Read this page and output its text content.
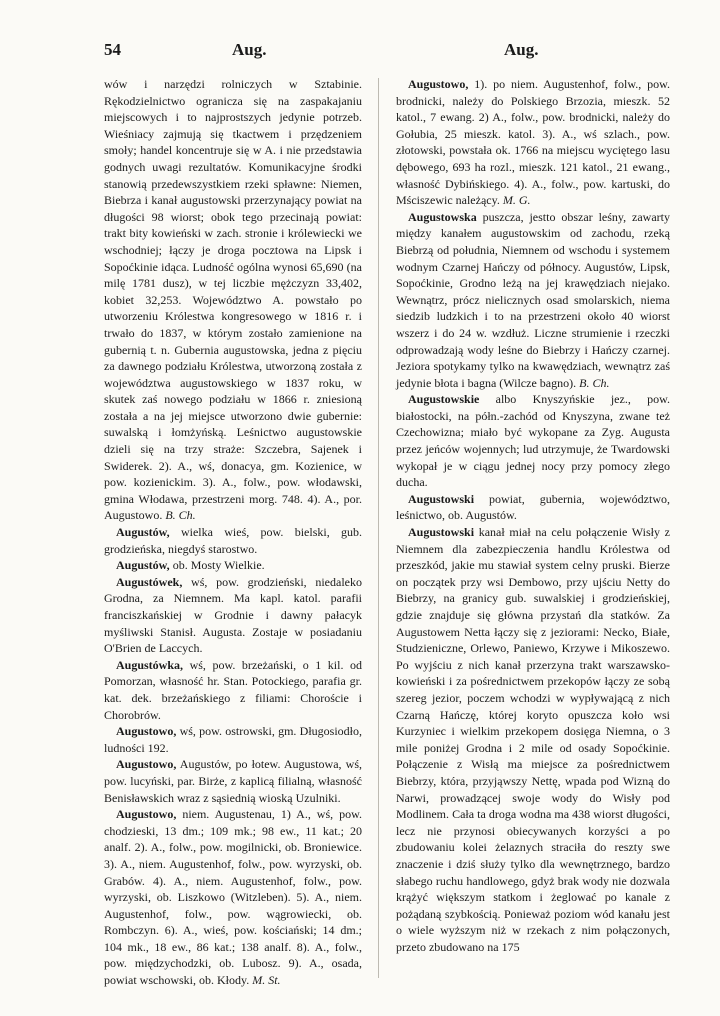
54	Aug.	Aug.

wów i narzędzi rolniczych w Sztabinie. Rękodzielnictwo ogranicza się na zaspakajaniu miejscowych i to najprostszych jedynie potrzeb. Wieśniacy zajmują się tkactwem i przędzeniem smoły; handel koncentruje się w A. i nie przedstawia godnych uwagi rezultatów. Komunikacyjne środki stanowią przedewszystkiem rzeki spławne: Niemen, Biebrza i kanał augustowski przerzynający powiat na długości 98 wiorst; obok tego przecinają powiat: trakt bity kowieński w zach. stronie i królewiecki we wschodniej; łączy je droga pocztowa na Lipsk i Sopoćkinie idąca. Ludność ogólna wynosi 65,690 (na milę 1781 dusz), w tej liczbie mężczyzn 33,402, kobiet 32,253. Województwo A. powstało po utworzeniu Królestwa kongresowego w 1816 r. i trwało do 1837, w którym zostało zamienione na gubernią t. n. Gubernia augustowska, jedna z pięciu za dawnego podziału Królestwa, utworzoną została z województwa augustowskiego w 1837 roku, w skutek zaś nowego podziału w 1866 r. zniesioną została a na jej miejsce utworzono dwie gubernie: suwalską i łomżyńską. Leśnictwo augustowskie dzieli się na trzy straże: Szczebra, Sajenek i Swiderek. 2). A., wś, donacya, gm. Kozienice, w pow. kozienickim. 3). A., folw., pow. włodawski, gmina Włodawa, przestrzeni morg. 748. 4). A., por. Augustowo. B. Ch.

Augustów, wielka wieś, pow. bielski, gub. grodzieńska, niegdyś starostwo.

Augustów, ob. Mosty Wielkie.

Augustówek, wś, pow. grodzieński, niedaleko Grodna, za Niemnem. Ma kapl. katol. parafii franciszkańskiej w Grodnie i dawny pałacyk myśliwski Stanisł. Augusta. Zostaje w posiadaniu O'Brien de Laccych.

Augustówka, wś, pow. brzeżański, o 1 kil. od Pomorzan, własność hr. Stan. Potockiego, parafia gr. kat. dek. brzeżańskiego z filiami: Choroście i Chorobrów.

Augustowo, wś, pow. ostrowski, gm. Długosiodło, ludności 192.

Augustowo, Augustów, po łotew. Augustowa, wś, pow. lucyński, par. Birże, z kaplicą filialną, własność Benisławskich wraz z sąsiednią wioską Uzulniki.

Augustowo, niem. Augustenau, 1) A., wś, pow. chodzieski, 13 dm.; 109 mk.; 98 ew., 11 kat.; 20 analf. 2). A., folw., pow. mogilnicki, ob. Broniewice. 3). A., niem. Augustenhof, folw., pow. wyrzyski, ob. Grabów. 4). A., niem. Augustenhof, folw., pow. wyrzyski, ob. Liszkowo (Witzleben). 5). A., niem. Augustenhof, folw., pow. wągrowiecki, ob. Rombczyn. 6). A., wieś, pow. kościański; 14 dm.; 104 mk., 18 ew., 86 kat.; 138 analf. 8). A., folw., pow. międzychodzki, ob. Lubosz. 9). A., osada, powiat wschowski, ob. Kłody. M. St.

Augustowo, 1). po niem. Augustenhof, folw., pow. brodnicki, należy do Polskiego Brzozia, mieszk. 52 katol., 7 ewang. 2) A., folw., pow. brodnicki, należy do Gołubia, 25 mieszk. katol. 3). A., wś szlach., pow. złotowski, powstała ok. 1766 na miejscu wyciętego lasu dębowego, 693 ha rozl., mieszk. 121 katol., 21 ewang., własność Dybińskiego. 4). A., folw., pow. kartuski, do Mściszewic należący. M. G.

Augustowska puszcza, jestto obszar leśny, zawarty między kanałem augustowskim od zachodu, rzeką Biebrzą od południa, Niemnem od wschodu i systemem wodnym Czarnej Hańczy od północy. Augustów, Lipsk, Sopoćkinie, Grodno leżą na jej krawędziach niejako. Wewnątrz, prócz nielicznych osad smolarskich, niema siedzib ludzkich i to na przestrzeni około 40 wiorst wszerz i do 24 w. wzdłuż. Liczne strumienie i rzeczki odprowadzają wody leśne do Biebrzy i Hańczy czarnej. Jeziora spotykamy tylko na kwawędziach, wewnątrz zaś jedynie błota i bagna (Wilcze bagno). B. Ch.

Augustowskie albo Knyszyńskie jez., pow. białostocki, na półn.-zachód od Knyszyna, zwane też Czechowizna; miało być wykopane za Zyg. Augusta przez jeńców wojennych; lud utrzymuje, że Twardowski wykopał je w ciągu jednej nocy przy pomocy złego ducha.

Augustowski powiat, gubernia, województwo, leśnictwo, ob. Augustów.

Augustowski kanał miał na celu połączenie Wisły z Niemnem dla zabezpieczenia handlu Królestwa od przeszkód, jakie mu stawiał system celny pruski. Bierze on początek przy wsi Dembowo, przy ujściu Netty do Biebrzy, na granicy gub. suwalskiej i grodzieńskiej, gdzie znajduje się główna przystań dla statków. Za Augustowem Netta łączy się z jeziorami: Necko, Białe, Studzieniczne, Orlewo, Paniewo, Krzywe i Mikoszewo. Po wyjściu z nich kanał przerzyna trakt warszawsko-kowieński i za pośrednictwem przekopów łączy ze sobą szereg jezior, poczem wchodzi w wypływającą z nich Czarną Hańczę, której koryto opuszcza koło wsi Kurzyniec i wielkim przekopem dosięga Niemna, o 3 mile poniżej Grodna i 2 mile od osady Sopoćkinie. Połączenie z Wisłą ma miejsce za pośrednictwem Biebrzy, która, przyjąwszy Nettę, wpada pod Wizną do Narwi, prowadzącej swoje wody do Wisły pod Modlinem. Cała ta droga wodna ma 438 wiorst długości, lecz nie przynosi obiecywanych korzyści a po zbudowaniu kolei żelaznych straciła do reszty swe znaczenie i dziś służy tylko dla wewnętrznego, bardzo słabego ruchu handlowego, gdyż brak wody nie dozwala krążyć większym statkom i żeglować po kanale z pożądaną szybkością. Ponieważ poziom wód kanału jest o wiele wyższym niż w rzekach z nim połączonych, przeto zbudowano na 175
